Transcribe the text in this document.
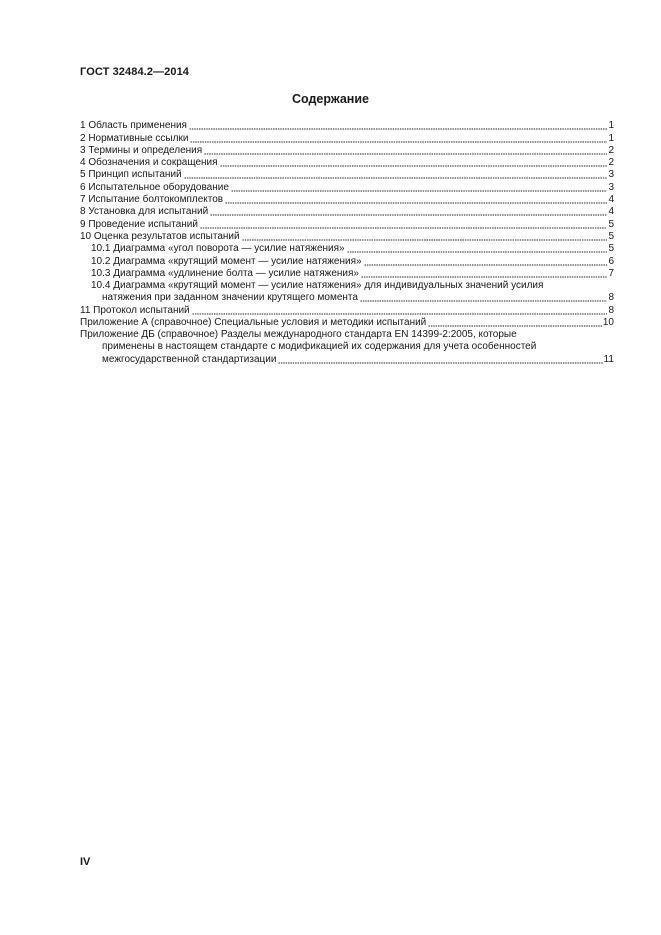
ГОСТ 32484.2—2014
Содержание
1 Область применения	1
2 Нормативные ссылки	1
3 Термины и определения	2
4 Обозначения и сокращения	2
5 Принцип испытаний	3
6 Испытательное оборудование	3
7 Испытание болтокомплектов	4
8 Установка для испытаний	4
9 Проведение испытаний	5
10 Оценка результатов испытаний	5
10.1 Диаграмма «угол поворота — усилие натяжения»	5
10.2 Диаграмма «крутящий момент — усилие натяжения»	6
10.3 Диаграмма «удлинение болта — усилие натяжения»	7
10.4 Диаграмма «крутящий момент — усилие натяжения» для индивидуальных значений усилия
натяжения при заданном значении крутящего момента	8
11 Протокол испытаний	8
Приложение А (справочное) Специальные условия и методики испытаний	10
Приложение ДБ (справочное) Разделы международного стандарта EN 14399-2:2005, которые
применены в настоящем стандарте с модификацией их содержания для учета особенностей
межгосударственной стандартизации	11
IV
